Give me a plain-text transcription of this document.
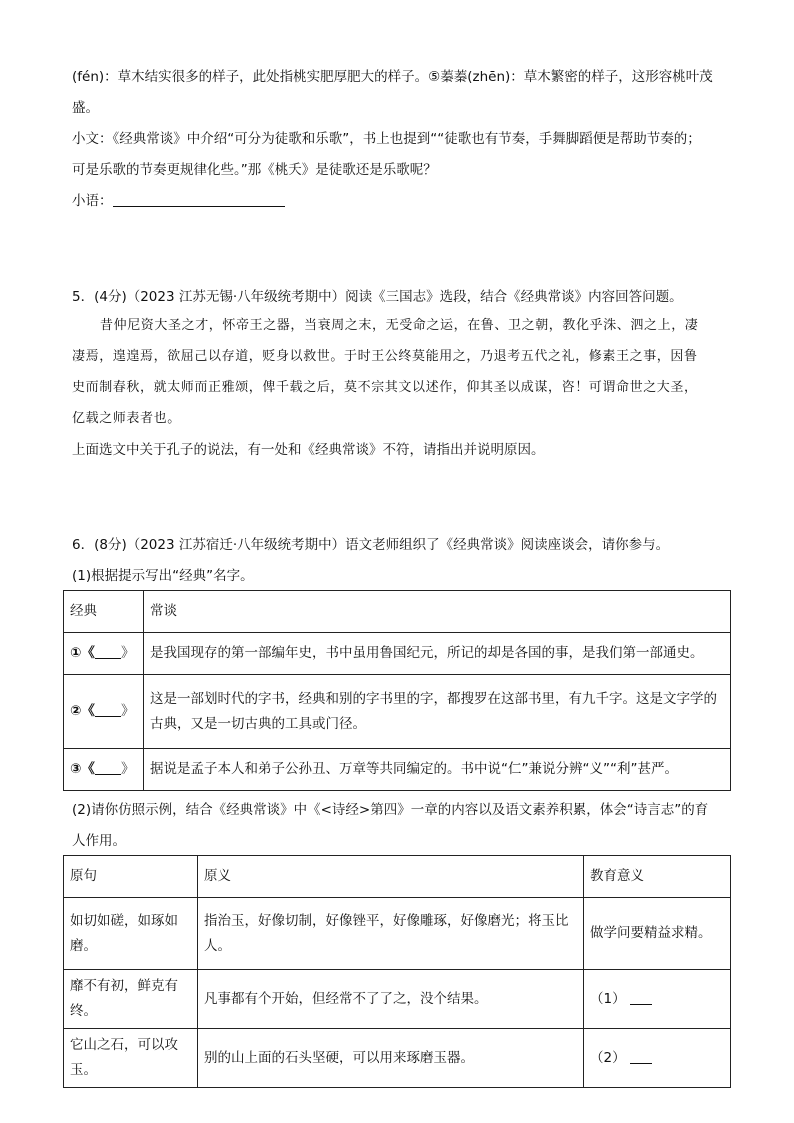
(fén)：草木结实很多的样子，此处指桃实肥厚肥大的样子。⑤蓁蓁(zhēn)：草木繁密的样子，这形容桃叶茂

盛。

小文：《经典常谈》中介绍“可分为徒歌和乐歌”，书上也提到““徒歌也有节奏，手舞脚蹈便是帮助节奏的；

可是乐歌的节奏更规律化些。”那《桃夭》是徒歌还是乐歌呢？

小语：

5．(4分)（2023 江苏无锡·八年级统考期中）阅读《三国志》选段，结合《经典常谈》内容回答问题。

昔仲尼资大圣之才，怀帝王之器，当衰周之末，无受命之运，在鲁、卫之朝，教化乎洙、泗之上，凄

凄焉，遑遑焉，欲屈己以存道，贬身以救世。于时王公终莫能用之，乃退考五代之礼，修素王之事，因鲁

史而制春秋，就太师而正雅颂，俾千载之后，莫不宗其文以述作，仰其圣以成谋，咨！可谓命世之大圣，

亿载之师表者也。

上面选文中关于孔子的说法，有一处和《经典常谈》不符，请指出并说明原因。

6．(8分)（2023 江苏宿迁·八年级统考期中）语文老师组织了《经典常谈》阅读座谈会，请你参与。

(1)根据提示写出“经典”名字。

经典	常谈
①《 》	是我国现存的第一部编年史，书中虽用鲁国纪元，所记的却是各国的事，是我们第一部通史。
②《 》	这是一部划时代的字书，经典和别的字书里的字，都搜罗在这部书里，有九千字。这是文字学的古典，又是一切古典的工具或门径。
③《 》	据说是孟子本人和弟子公孙丑、万章等共同编定的。书中说“仁”兼说分辨“义”“利”甚严。

(2)请你仿照示例，结合《经典常谈》中《<诗经>第四》一章的内容以及语文素养积累，体会“诗言志”的育

人作用。

原句	原义	教育意义
如切如磋，如琢如磨。	指治玉，好像切制，好像锉平，好像雕琢，好像磨光；将玉比人。	做学问要精益求精。
靡不有初，鲜克有终。	凡事都有个开始，但经常不了了之，没个结果。	（1）
它山之石，可以攻玉。	别的山上面的石头坚硬，可以用来琢磨玉器。	（2）
